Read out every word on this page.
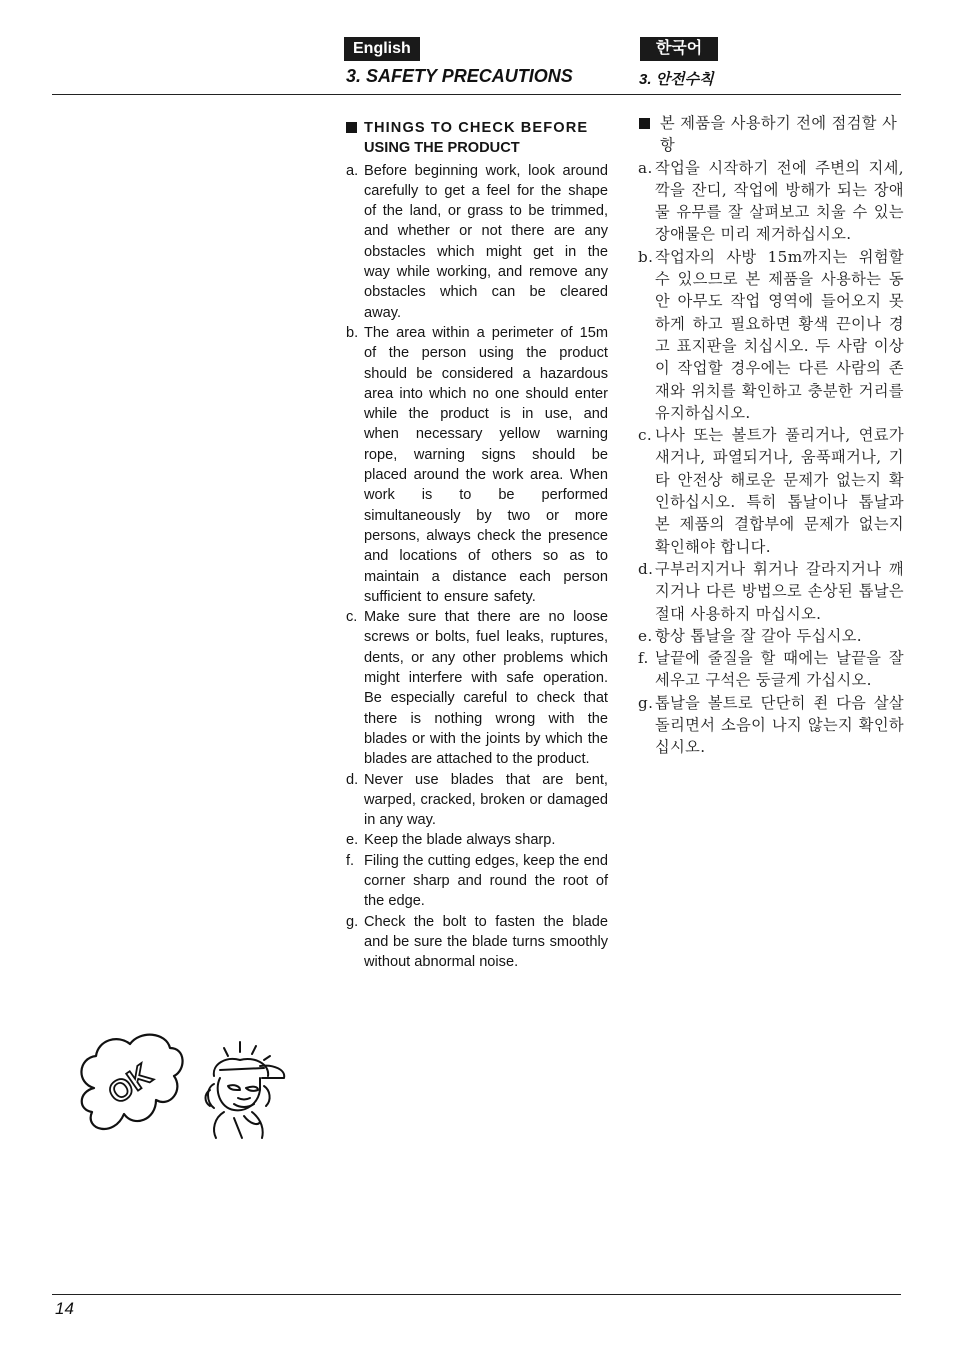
English	한국어
3. SAFETY PRECAUTIONS	3. 안전수칙
THINGS TO CHECK BEFORE
USING THE PRODUCT
a. Before beginning work, look around carefully to get a feel for the shape of the land, or grass to be trimmed, and whether or not there are any obstacles which might get in the way while working, and remove any obstacles which can be cleared away.
b. The area within a perimeter of 15m of the person using the product should be considered a hazardous area into which no one should enter while the product is in use, and when necessary yellow warning rope, warning signs should be placed around the work area. When work is to be performed simultaneously by two or more persons, always check the presence and locations of others so as to maintain a distance each person sufficient to ensure safety.
c. Make sure that there are no loose screws or bolts, fuel leaks, ruptures, dents, or any other problems which might interfere with safe operation. Be especially careful to check that there is nothing wrong with the blades or with the joints by which the blades are attached to the product.
d. Never use blades that are bent, warped, cracked, broken or damaged in any way.
e. Keep the blade always sharp.
f. Filing the cutting edges, keep the end corner sharp and round the root of the edge.
g. Check the bolt to fasten the blade and be sure the blade turns smoothly without abnormal noise.
본 제품을 사용하기 전에 점검할 사항
a. 작업을 시작하기 전에 주변의 지세, 깍을 잔디, 작업에 방해가 되는 장애물 유무를 잘 살펴보고 치울 수 있는 장애물은 미리 제거하십시오.
b. 작업자의 사방 15m까지는 위험할 수 있으므로 본 제품을 사용하는 동안 아무도 작업 영역에 들어오지 못하게 하고 필요하면 황색 끈이나 경고 표지판을 치십시오. 두 사람 이상이 작업할 경우에는 다른 사람의 존재와 위치를 확인하고 충분한 거리를 유지하십시오.
c. 나사 또는 볼트가 풀리거나, 연료가 새거나, 파열되거나, 움푹패거나, 기타 안전상 해로운 문제가 없는지 확인하십시오. 특히 톱날이나 톱날과 본 제품의 결합부에 문제가 없는지 확인해야 합니다.
d. 구부러지거나 휘거나 갈라지거나 깨지거나 다른 방법으로 손상된 톱날은 절대 사용하지 마십시오.
e. 항상 톱날을 잘 갈아 두십시오.
f. 날끝에 줄질을 할 때에는 날끝을 잘 세우고 구석은 둥글게 가십시오.
g. 톱날을 볼트로 단단히 죈 다음 살살 돌리면서 소음이 나지 않는지 확인하십시오.
OK
14
